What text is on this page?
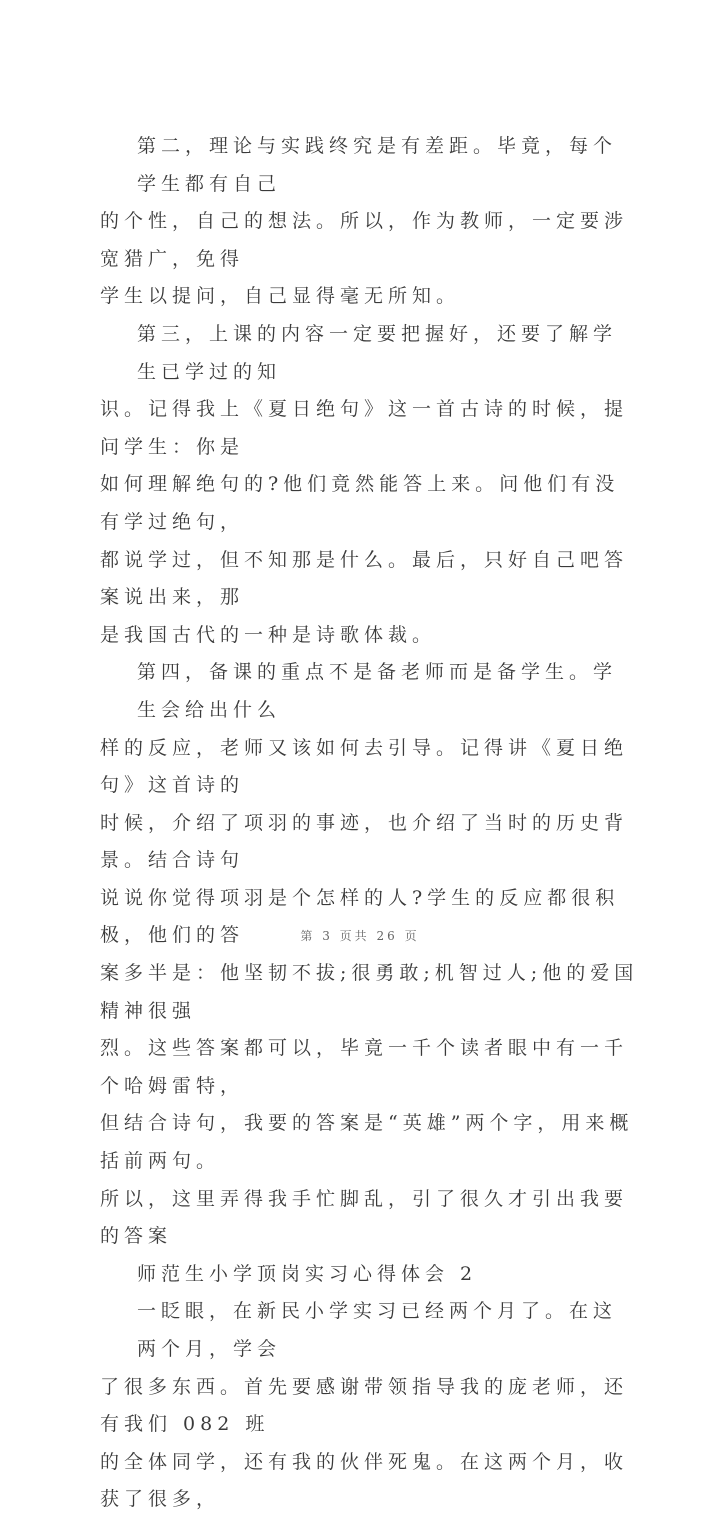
第二，理论与实践终究是有差距。毕竟，每个学生都有自己
的个性，自己的想法。所以，作为教师，一定要涉宽猎广，免得
学生以提问，自己显得毫无所知。
第三，上课的内容一定要把握好，还要了解学生已学过的知
识。记得我上《夏日绝句》这一首古诗的时候，提问学生：你是
如何理解绝句的?他们竟然能答上来。问他们有没有学过绝句，
都说学过，但不知那是什么。最后，只好自己吧答案说出来，那
是我国古代的一种是诗歌体裁。
第四，备课的重点不是备老师而是备学生。学生会给出什么
样的反应，老师又该如何去引导。记得讲《夏日绝句》这首诗的
时候，介绍了项羽的事迹，也介绍了当时的历史背景。结合诗句
说说你觉得项羽是个怎样的人?学生的反应都很积极，他们的答
案多半是：他坚韧不拔;很勇敢;机智过人;他的爱国精神很强
烈。这些答案都可以，毕竟一千个读者眼中有一千个哈姆雷特，
但结合诗句，我要的答案是“英雄”两个字，用来概括前两句。
所以，这里弄得我手忙脚乱，引了很久才引出我要的答案
师范生小学顶岗实习心得体会 2
一眨眼，在新民小学实习已经两个月了。在这两个月，学会
了很多东西。首先要感谢带领指导我的庞老师，还有我们 082 班
的全体同学，还有我的伙伴死鬼。在这两个月，收获了很多，
第 3 页共 26 页
